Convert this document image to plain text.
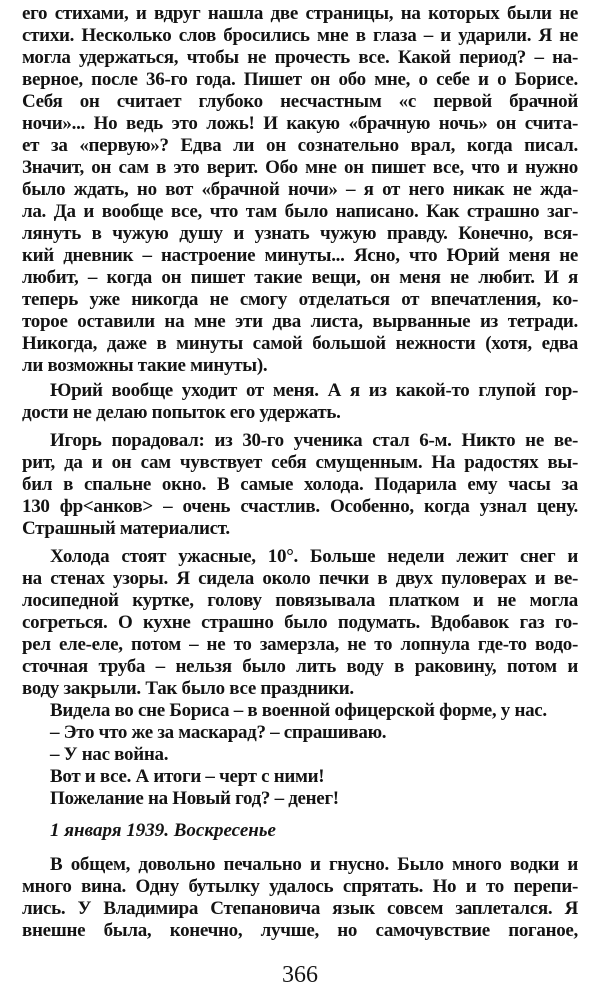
его стихами, и вдруг нашла две страницы, на которых были не
стихи. Несколько слов бросились мне в глаза – и ударили. Я не
могла удержаться, чтобы не прочесть все. Какой период? – на-
верное, после 36-го года. Пишет он обо мне, о себе и о Борисе.
Себя он считает глубоко несчастным «с первой брачной
ночи»... Но ведь это ложь! И какую «брачную ночь» он счита-
ет за «первую»? Едва ли он сознательно врал, когда писал.
Значит, он сам в это верит. Обо мне он пишет все, что и нужно
было ждать, но вот «брачной ночи» – я от него никак не жда-
ла. Да и вообще все, что там было написано. Как страшно заг-
лянуть в чужую душу и узнать чужую правду. Конечно, вся-
кий дневник – настроение минуты... Ясно, что Юрий меня не
любит, – когда он пишет такие вещи, он меня не любит. И я
теперь уже никогда не смогу отделаться от впечатления, ко-
торое оставили на мне эти два листа, вырванные из тетради.
Никогда, даже в минуты самой большой нежности (хотя, едва
ли возможны такие минуты).
Юрий вообще уходит от меня. А я из какой-то глупой гор-
дости не делаю попыток его удержать.
Игорь порадовал: из 30-го ученика стал 6-м. Никто не ве-
рит, да и он сам чувствует себя смущенным. На радостях вы-
бил в спальне окно. В самые холода. Подарила ему часы за
130 фр<анков> – очень счастлив. Особенно, когда узнал цену.
Страшный материалист.
Холода стоят ужасные, 10°. Больше недели лежит снег и
на стенах узоры. Я сидела около печки в двух пуловерах и ве-
лосипедной куртке, голову повязывала платком и не могла
согреться. О кухне страшно было подумать. Вдобавок газ го-
рел еле-еле, потом – не то замерзла, не то лопнула где-то водо-
сточная труба – нельзя было лить воду в раковину, потом и
воду закрыли. Так было все праздники.
Видела во сне Бориса – в военной офицерской форме, у нас.
– Это что же за маскарад? – спрашиваю.
– У нас война.
Вот и все. А итоги – черт с ними!
Пожелание на Новый год? – денег!
1 января 1939. Воскресенье
В общем, довольно печально и гнусно. Было много водки и
много вина. Одну бутылку удалось спрятать. Но и то перепи-
лись. У Владимира Степановича язык совсем заплетался. Я
внешне была, конечно, лучше, но самочувствие поганое,
366
